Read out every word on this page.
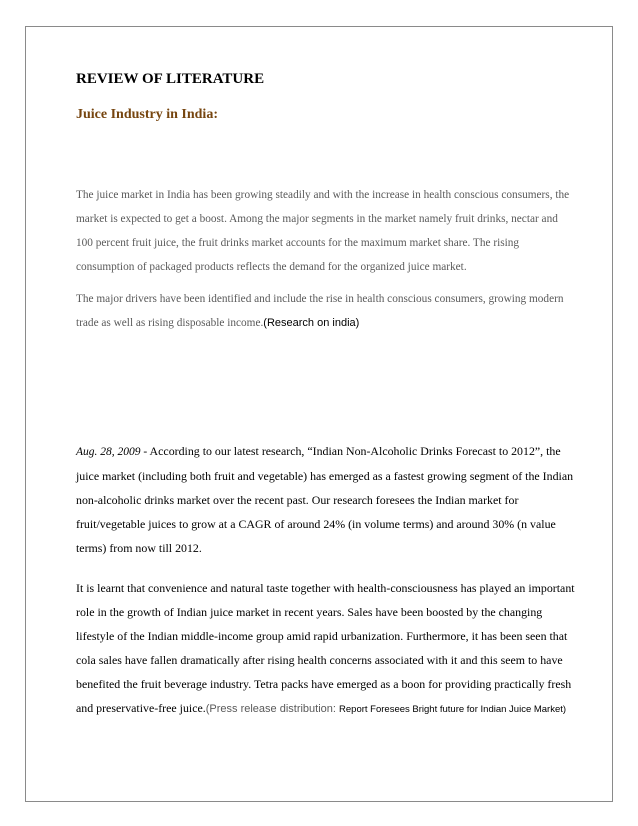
REVIEW OF LITERATURE
Juice Industry in India:

The juice market in India has been growing steadily and with the increase in health conscious consumers, the market is expected to get a boost. Among the major segments in the market namely fruit drinks, nectar and 100 percent fruit juice, the fruit drinks market accounts for the maximum market share. The rising consumption of packaged products reflects the demand for the organized juice market.

The major drivers have been identified and include the rise in health conscious consumers, growing modern trade as well as rising disposable income.(Research on india)

Aug. 28, 2009 - According to our latest research, “Indian Non-Alcoholic Drinks Forecast to 2012”, the juice market (including both fruit and vegetable) has emerged as a fastest growing segment of the Indian non-alcoholic drinks market over the recent past. Our research foresees the Indian market for fruit/vegetable juices to grow at a CAGR of around 24% (in volume terms) and around 30% (n value terms) from now till 2012.

It is learnt that convenience and natural taste together with health-consciousness has played an important role in the growth of Indian juice market in recent years. Sales have been boosted by the changing lifestyle of the Indian middle-income group amid rapid urbanization. Furthermore, it has been seen that cola sales have fallen dramatically after rising health concerns associated with it and this seem to have benefited the fruit beverage industry. Tetra packs have emerged as a boon for providing practically fresh and preservative-free juice.(Press release distribution: Report Foresees Bright future for Indian Juice Market)
